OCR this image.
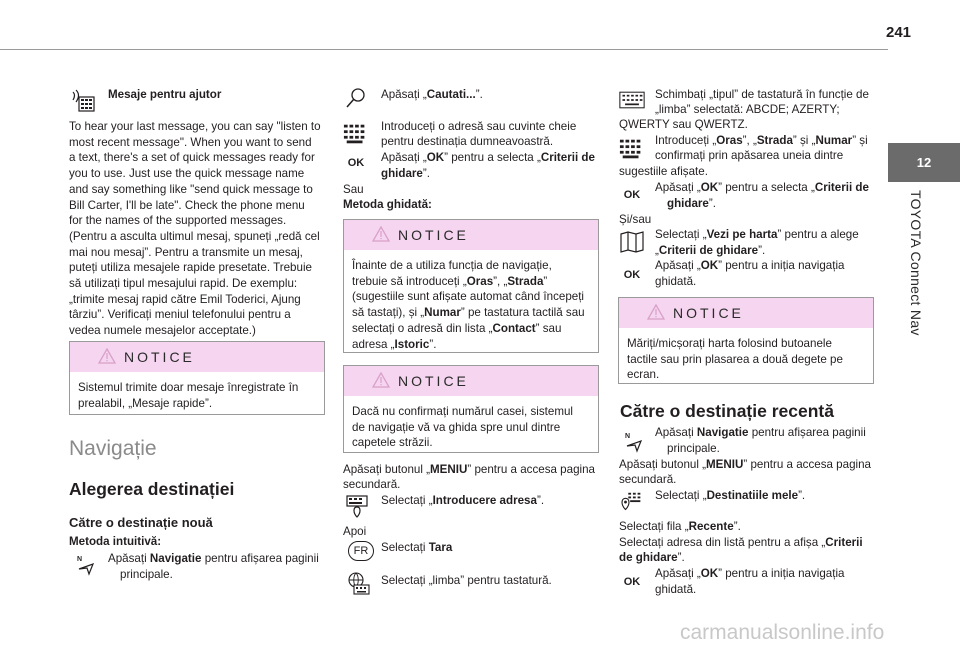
241
12
TOYOTA Connect Nav
Mesaje pentru ajutor
To hear your last message, you can say "listen to
most recent message". When you want to send
a text, there's a set of quick messages ready for
you to use. Just use the quick message name
and say something like "send quick message to
Bill Carter, I'll be late". Check the phone menu
for the names of the supported messages.
(Pentru a asculta ultimul mesaj, spuneți „redă cel
mai nou mesaj”. Pentru a transmite un mesaj,
puteți utiliza mesajele rapide presetate. Trebuie
să utilizați tipul mesajului rapid. De exemplu:
„trimite mesaj rapid către Emil Toderici, Ajung
târziu”. Verificați meniul telefonului pentru a
vedea numele mesajelor acceptate.)
NOTICE
Sistemul trimite doar mesaje înregistrate în
prealabil, „Mesaje rapide”.
Navigație
Alegerea destinației
Către o destinație nouă
Metoda intuitivă:
N Apăsați Navigatie pentru afișarea paginii
principale.
Apăsați „Cautati...”.
Introduceți o adresă sau cuvinte cheie
pentru destinația dumneavoastră.
OK	Apăsați „OK” pentru a selecta „Criterii de
ghidare”.
Sau
Metoda ghidată:
NOTICE
Înainte de a utiliza funcția de navigație,
trebuie să introduceți „Oras”, „Strada”
(sugestiile sunt afișate automat când începeți
să tastați), și „Numar” pe tastatura tactilă sau
selectați o adresă din lista „Contact” sau
adresa „Istoric”.
NOTICE
Dacă nu confirmați numărul casei, sistemul
de navigație vă va ghida spre unul dintre
capetele străzii.
Apăsați butonul „MENIU” pentru a accesa pagina
secundară.
Selectați „Introducere adresa”.
Apoi
FR	Selectați Tara
Selectați „limba” pentru tastatură.
Schimbați „tipul” de tastatură în funcție de
„limba” selectată: ABCDE; AZERTY;
QWERTY sau QWERTZ.
Introduceți „Oras”, „Strada” și „Numar” și
confirmați prin apăsarea uneia dintre
sugestiile afișate.
OK
Apăsați „OK” pentru a selecta „Criterii de
ghidare”.
Și/sau
Selectați „Vezi pe harta” pentru a alege
„Criterii de ghidare”.
OK
Apăsați „OK” pentru a iniția navigația
ghidată.
NOTICE
Măriți/micșorați harta folosind butoanele
tactile sau prin plasarea a două degete pe
ecran.
Către o destinație recentă
N Apăsați Navigatie pentru afișarea paginii
principale.
Apăsați butonul „MENIU” pentru a accesa pagina
secundară.
Selectați „Destinatiile mele”.
Selectați fila „Recente”.
Selectați adresa din listă pentru a afișa „Criterii
de ghidare”.
OK
Apăsați „OK” pentru a iniția navigația
ghidată.
carmanualsonline.info
